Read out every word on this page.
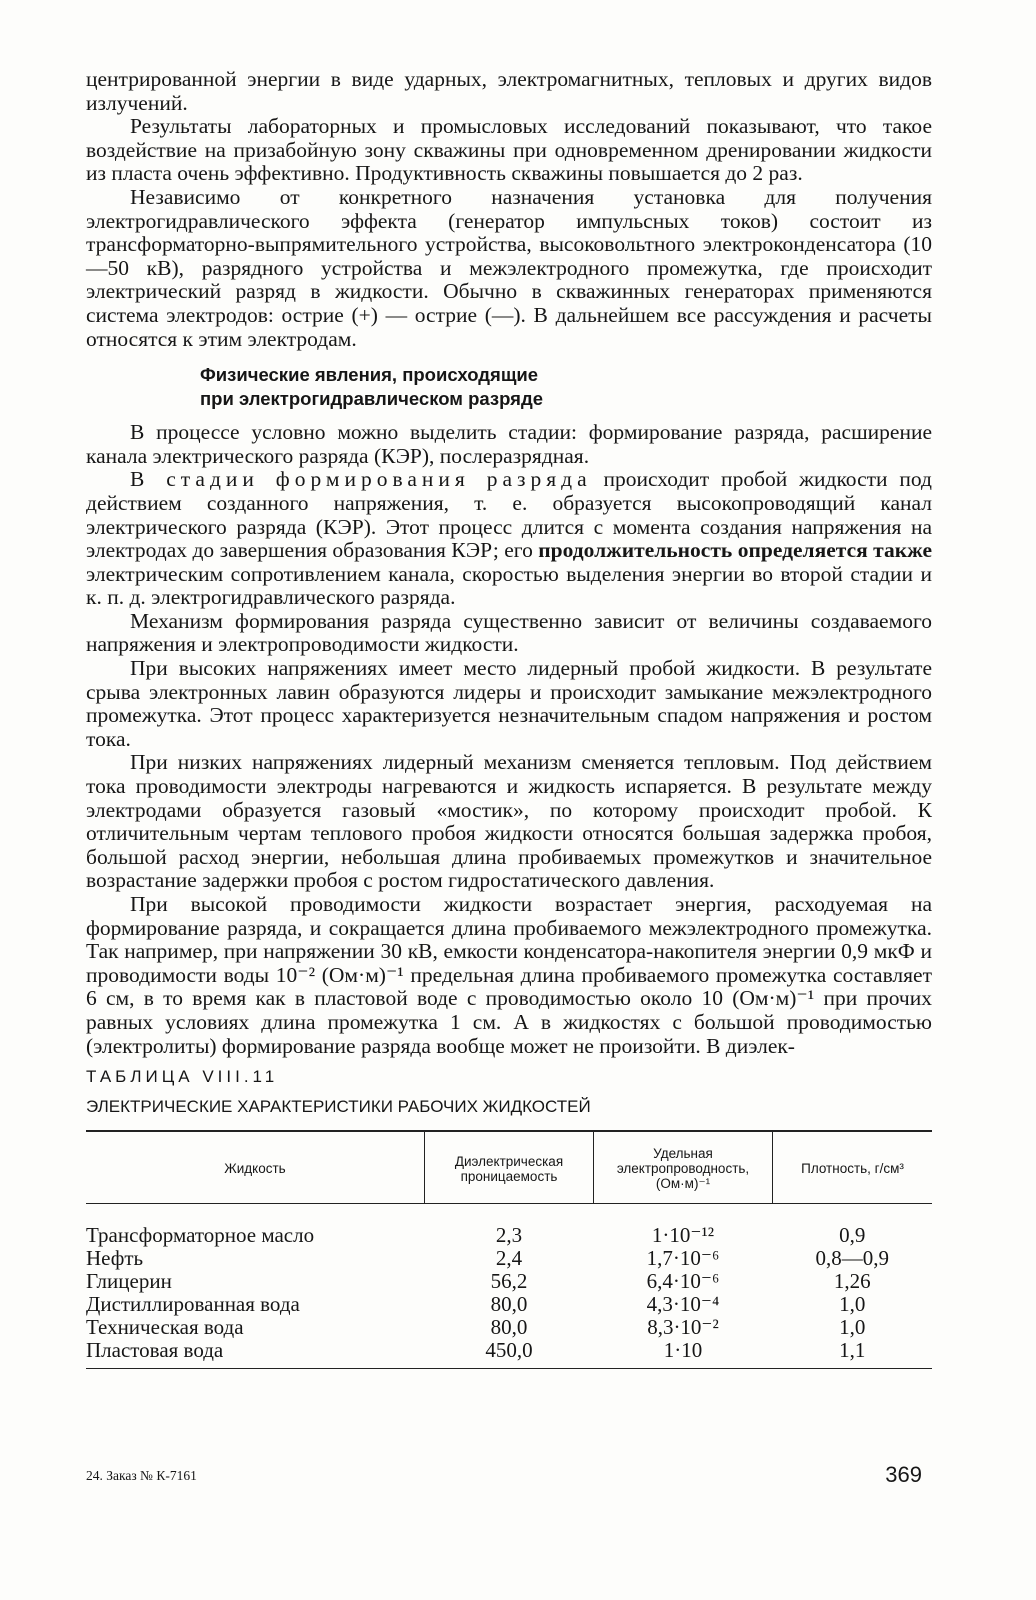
центрированной энергии в виде ударных, электромагнитных, тепловых и других видов излучений.

Результаты лабораторных и промысловых исследований показывают, что такое воздействие на призабойную зону скважины при одновременном дренировании жидкости из пласта очень эффективно. Продуктивность скважины повышается до 2 раз.

Независимо от конкретного назначения установка для получения электрогидравлического эффекта (генератор импульсных токов) состоит из трансформаторно-выпрямительного устройства, высоковольтного электроконденсатора (10—50 кВ), разрядного устройства и межэлектродного промежутка, где происходит электрический разряд в жидкости. Обычно в скважинных генераторах применяются система электродов: острие (+) — острие (—). В дальнейшем все рассуждения и расчеты относятся к этим электродам.

Физические явления, происходящие
при электрогидравлическом разряде

В процессе условно можно выделить стадии: формирование разряда, расширение канала электрического разряда (КЭР), послеразрядная.

В стадии формирования разряда происходит пробой жидкости под действием созданного напряжения, т. е. образуется высокопроводящий канал электрического разряда (КЭР). Этот процесс длится с момента создания напряжения на электродах до завершения образования КЭР; его продолжительность определяется также электрическим сопротивлением канала, скоростью выделения энергии во второй стадии и к. п. д. электрогидравлического разряда.

Механизм формирования разряда существенно зависит от величины создаваемого напряжения и электропроводимости жидкости.

При высоких напряжениях имеет место лидерный пробой жидкости. В результате срыва электронных лавин образуются лидеры и происходит замыкание межэлектродного промежутка. Этот процесс характеризуется незначительным спадом напряжения и ростом тока.

При низких напряжениях лидерный механизм сменяется тепловым. Под действием тока проводимости электроды нагреваются и жидкость испаряется. В результате между электродами образуется газовый «мостик», по которому происходит пробой. К отличительным чертам теплового пробоя жидкости относятся большая задержка пробоя, большой расход энергии, небольшая длина пробиваемых промежутков и значительное возрастание задержки пробоя с ростом гидростатического давления.

При высокой проводимости жидкости возрастает энергия, расходуемая на формирование разряда, и сокращается длина пробиваемого межэлектродного промежутка. Так например, при напряжении 30 кВ, емкости конденсатора-накопителя энергии 0,9 мкФ и проводимости воды 10⁻² (Ом·м)⁻¹ предельная длина пробиваемого промежутка составляет 6 см, в то время как в пластовой воде с проводимостью около 10 (Ом·м)⁻¹ при прочих равных условиях длина промежутка 1 см. А в жидкостях с большой проводимостью (электролиты) формирование разряда вообще может не произойти. В диэлек-

ТАБЛИЦА VIII.11
ЭЛЕКТРИЧЕСКИЕ ХАРАКТЕРИСТИКИ РАБОЧИХ ЖИДКОСТЕЙ
Жидкость	Диэлектрическая проницаемость	Удельная электропроводность, (Ом·м)⁻¹	Плотность, г/см³
Трансформаторное масло	2,3	1·10⁻¹²	0,9
Нефть	2,4	1,7·10⁻⁶	0,8—0,9
Глицерин	56,2	6,4·10⁻⁶	1,26
Дистиллированная вода	80,0	4,3·10⁻⁴	1,0
Техническая вода	80,0	8,3·10⁻²	1,0
Пластовая вода	450,0	1·10	1,1
24. Заказ № К-7161	369
